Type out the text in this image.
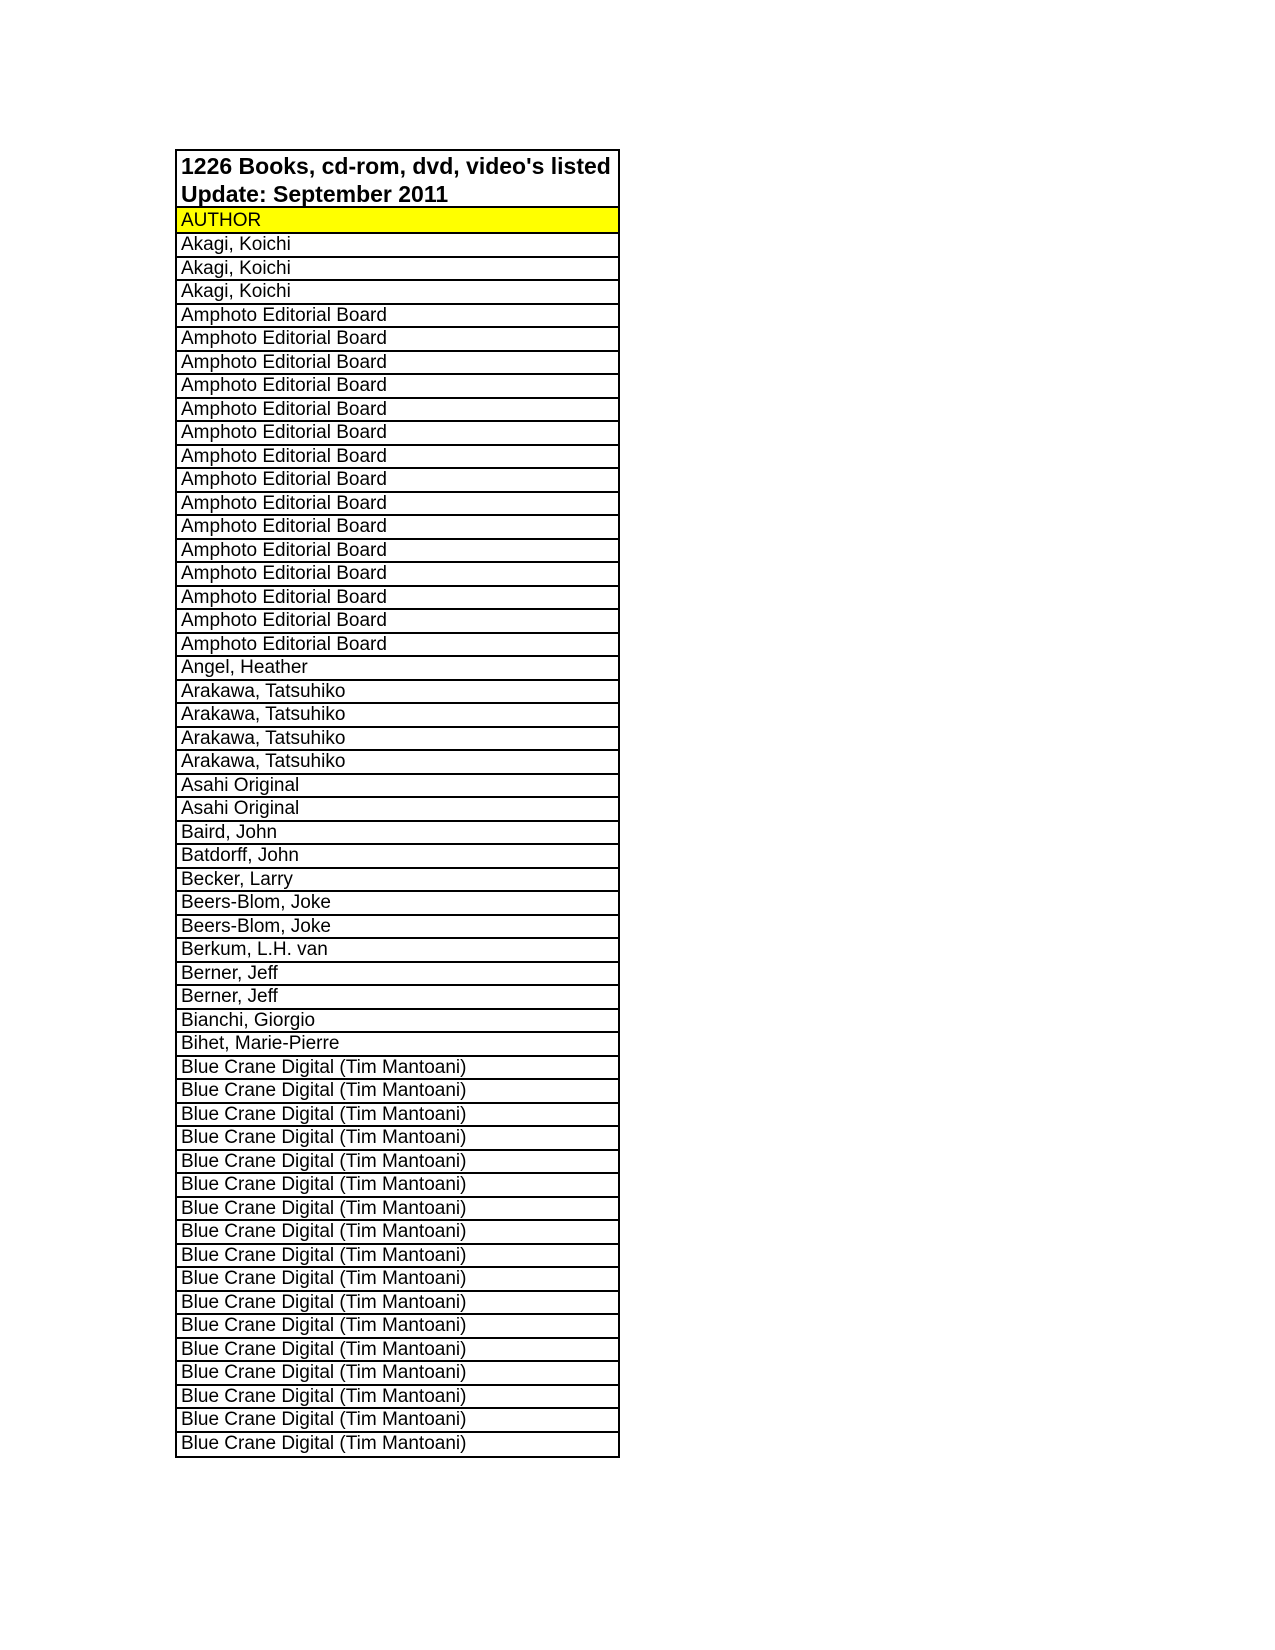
1226 Books, cd-rom, dvd, video's listed
Update: September 2011
AUTHOR
Akagi, Koichi
Akagi, Koichi
Akagi, Koichi
Amphoto Editorial Board
Amphoto Editorial Board
Amphoto Editorial Board
Amphoto Editorial Board
Amphoto Editorial Board
Amphoto Editorial Board
Amphoto Editorial Board
Amphoto Editorial Board
Amphoto Editorial Board
Amphoto Editorial Board
Amphoto Editorial Board
Amphoto Editorial Board
Amphoto Editorial Board
Amphoto Editorial Board
Amphoto Editorial Board
Angel, Heather
Arakawa, Tatsuhiko
Arakawa, Tatsuhiko
Arakawa, Tatsuhiko
Arakawa, Tatsuhiko
Asahi Original
Asahi Original
Baird, John
Batdorff, John
Becker, Larry
Beers-Blom, Joke
Beers-Blom, Joke
Berkum, L.H. van
Berner, Jeff
Berner, Jeff
Bianchi, Giorgio
Bihet, Marie-Pierre
Blue Crane Digital (Tim Mantoani)
Blue Crane Digital (Tim Mantoani)
Blue Crane Digital (Tim Mantoani)
Blue Crane Digital (Tim Mantoani)
Blue Crane Digital (Tim Mantoani)
Blue Crane Digital (Tim Mantoani)
Blue Crane Digital (Tim Mantoani)
Blue Crane Digital (Tim Mantoani)
Blue Crane Digital (Tim Mantoani)
Blue Crane Digital (Tim Mantoani)
Blue Crane Digital (Tim Mantoani)
Blue Crane Digital (Tim Mantoani)
Blue Crane Digital (Tim Mantoani)
Blue Crane Digital (Tim Mantoani)
Blue Crane Digital (Tim Mantoani)
Blue Crane Digital (Tim Mantoani)
Blue Crane Digital (Tim Mantoani)
